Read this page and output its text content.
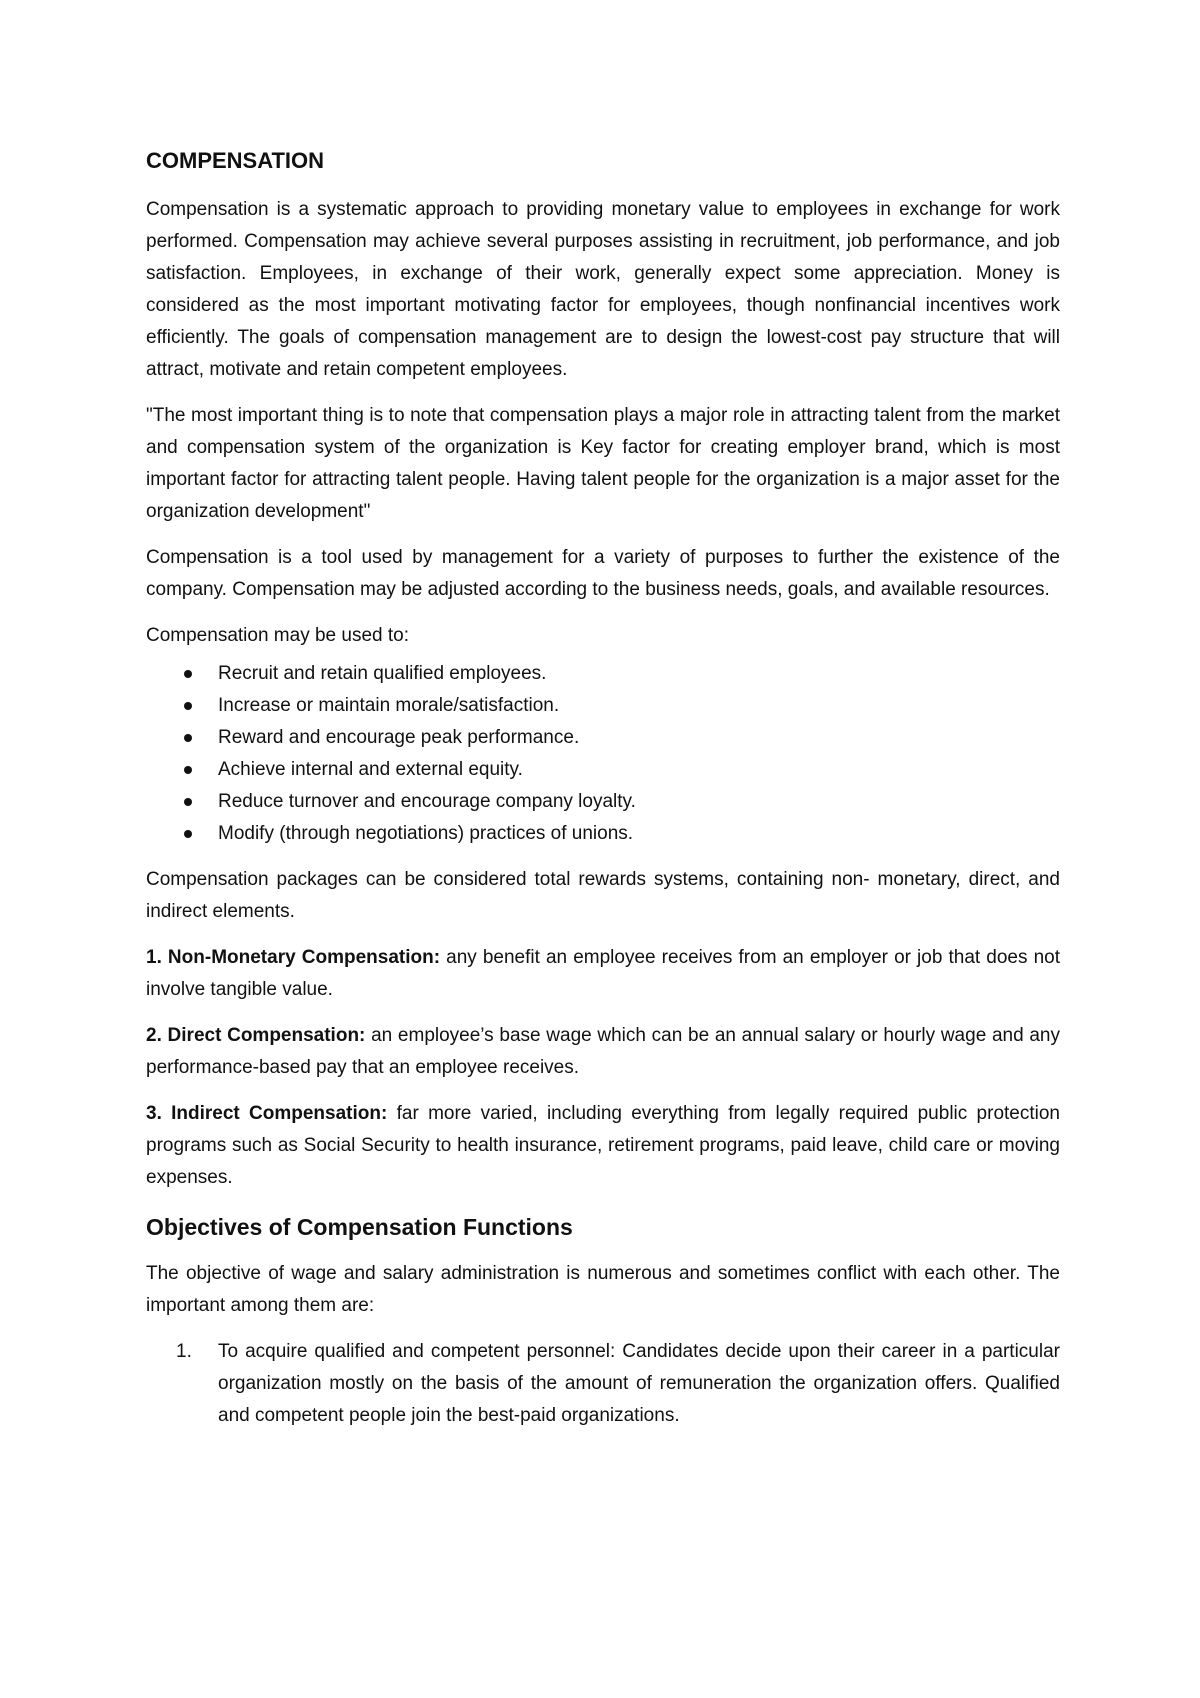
COMPENSATION

Compensation is a systematic approach to providing monetary value to employees in exchange for work performed. Compensation may achieve several purposes assisting in recruitment, job performance, and job satisfaction. Employees, in exchange of their work, generally expect some appreciation. Money is considered as the most important motivating factor for employees, though nonfinancial incentives work efficiently. The goals of compensation management are to design the lowest-cost pay structure that will attract, motivate and retain competent employees.

"The most important thing is to note that compensation plays a major role in attracting talent from the market and compensation system of the organization is Key factor for creating employer brand, which is most important factor for attracting talent people. Having talent people for the organization is a major asset for the organization development"

Compensation is a tool used by management for a variety of purposes to further the existence of the company. Compensation may be adjusted according to the business needs, goals, and available resources.

Compensation may be used to:

Recruit and retain qualified employees.
Increase or maintain morale/satisfaction.
Reward and encourage peak performance.
Achieve internal and external equity.
Reduce turnover and encourage company loyalty.
Modify (through negotiations) practices of unions.

Compensation packages can be considered total rewards systems, containing non- monetary, direct, and indirect elements.

1. Non-Monetary Compensation: any benefit an employee receives from an employer or job that does not involve tangible value.

2. Direct Compensation: an employee’s base wage which can be an annual salary or hourly wage and any performance-based pay that an employee receives.

3. Indirect Compensation: far more varied, including everything from legally required public protection programs such as Social Security to health insurance, retirement programs, paid leave, child care or moving expenses.

Objectives of Compensation Functions

The objective of wage and salary administration is numerous and sometimes conflict with each other. The important among them are:

1. To acquire qualified and competent personnel: Candidates decide upon their career in a particular organization mostly on the basis of the amount of remuneration the organization offers. Qualified and competent people join the best-paid organizations.
